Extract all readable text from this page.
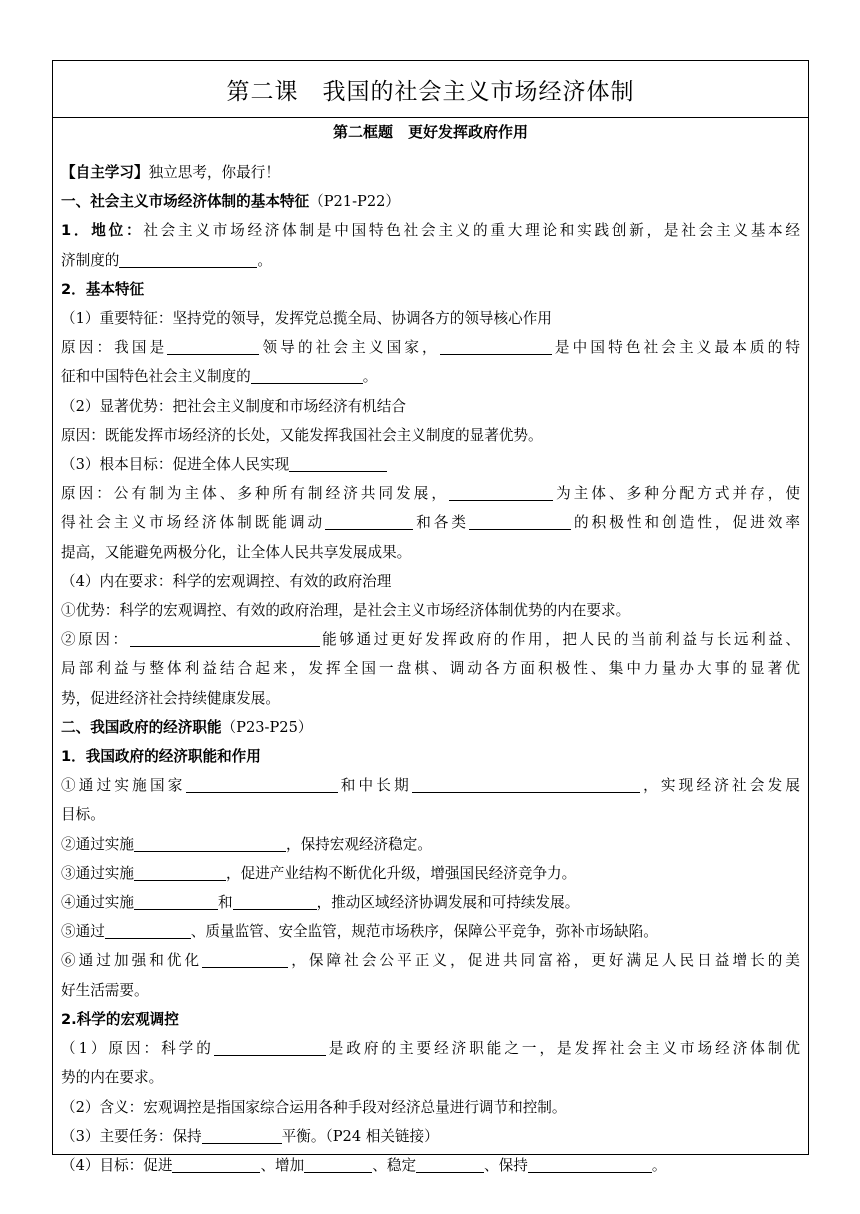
第二课　我国的社会主义市场经济体制
第二框题　更好发挥政府作用
【自主学习】独立思考，你最行！
一、社会主义市场经济体制的基本特征（P21-P22）
1．地位：社会主义市场经济体制是中国特色社会主义的重大理论和实践创新，是社会主义基本经
济制度的	。
2．基本特征
（1）重要特征：坚持党的领导，发挥党总揽全局、协调各方的领导核心作用
原因：我国是	领导的社会主义国家，	是中国特色社会主义最本质的特
征和中国特色社会主义制度的	。
（2）显著优势：把社会主义制度和市场经济有机结合
原因：既能发挥市场经济的长处，又能发挥我国社会主义制度的显著优势。
（3）根本目标：促进全体人民实现
原因：公有制为主体、多种所有制经济共同发展，	为主体、多种分配方式并存，使
得社会主义市场经济体制既能调动	和各类	的积极性和创造性，促进效率
提高，又能避免两极分化，让全体人民共享发展成果。
（4）内在要求：科学的宏观调控、有效的政府治理
①优势：科学的宏观调控、有效的政府治理，是社会主义市场经济体制优势的内在要求。
②原因：	能够通过更好发挥政府的作用，把人民的当前利益与长远利益、
局部利益与整体利益结合起来，发挥全国一盘棋、调动各方面积极性、集中力量办大事的显著优
势，促进经济社会持续健康发展。
二、我国政府的经济职能（P23-P25）
1．我国政府的经济职能和作用
①通过实施国家	和中长期	，实现经济社会发展
目标。
②通过实施	，保持宏观经济稳定。
③通过实施	，促进产业结构不断优化升级，增强国民经济竞争力。
④通过实施	和	，推动区域经济协调发展和可持续发展。
⑤通过	、质量监管、安全监管，规范市场秩序，保障公平竞争，弥补市场缺陷。
⑥通过加强和优化	，保障社会公平正义，促进共同富裕，更好满足人民日益增长的美
好生活需要。
2.科学的宏观调控
（1）原因：科学的	是政府的主要经济职能之一，是发挥社会主义市场经济体制优
势的内在要求。
（2）含义：宏观调控是指国家综合运用各种手段对经济总量进行调节和控制。
（3）主要任务：保持	平衡。（P24 相关链接）
（4）目标：促进	、增加	、稳定	、保持	。
